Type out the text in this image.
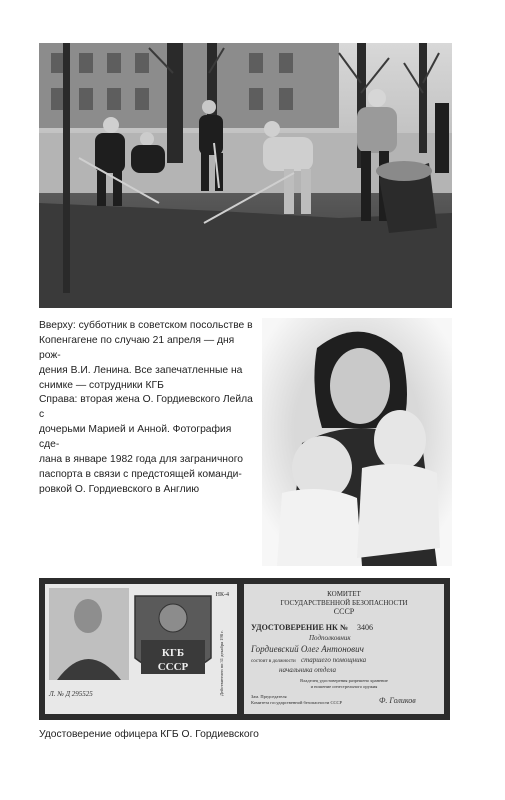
Вверху: субботник в советском посольстве в
Копенгагене по случаю 21 апреля — дня рож-
дения В.И. Ленина. Все запечатленные на
снимке — сотрудники КГБ

Справа: вторая жена О. Гордиевского Лейла с
дочерьми Марией и Анной. Фотография сде-
лана в январе 1982 года для заграничного
паспорта в связи с предстоящей команди-
ровкой О. Гордиевского в Англию

КГБ
СССР
НК-4
Действителен по 31 декабря 198 г.
Л. № Д 295525
КОМИТЕТ
ГОСУДАРСТВЕННОЙ БЕЗОПАСНОСТИ
СССР
УДОСТОВЕРЕНИЕ НК № 3406
Подполковник
Гордиевский Олег Антонович
состоит в должности старшего помощника
начальника отдела
Владелец удостоверения разрешено хранение
и ношение огнестрельного оружия
Зам. Председателя
Комитета государственной безопасности СССР	Ф. Голиков

Удостоверение офицера КГБ О. Гордиевского
